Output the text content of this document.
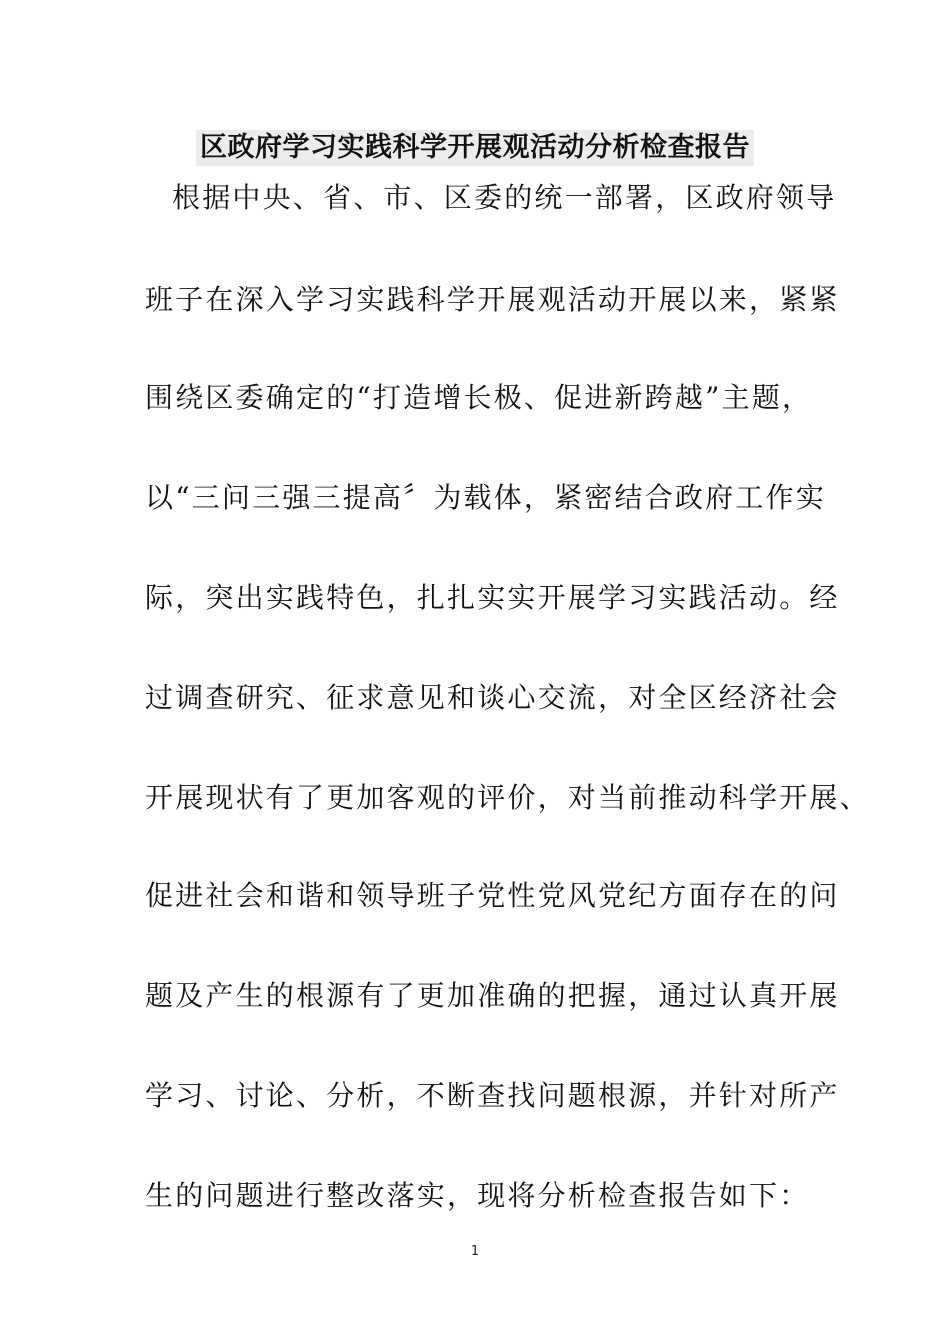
区政府学习实践科学开展观活动分析检查报告
根据中央、省、市、区委的统一部署，区政府领导
班子在深入学习实践科学开展观活动开展以来，紧紧
围绕区委确定的“打造增长极、促进新跨越”主题，
以“三问三强三提高〞为载体，紧密结合政府工作实
际，突出实践特色，扎扎实实开展学习实践活动。经
过调查研究、征求意见和谈心交流，对全区经济社会
开展现状有了更加客观的评价，对当前推动科学开展、
促进社会和谐和领导班子党性党风党纪方面存在的问
题及产生的根源有了更加准确的把握，通过认真开展
学习、讨论、分析，不断查找问题根源，并针对所产
生的问题进行整改落实，现将分析检查报告如下：
1
